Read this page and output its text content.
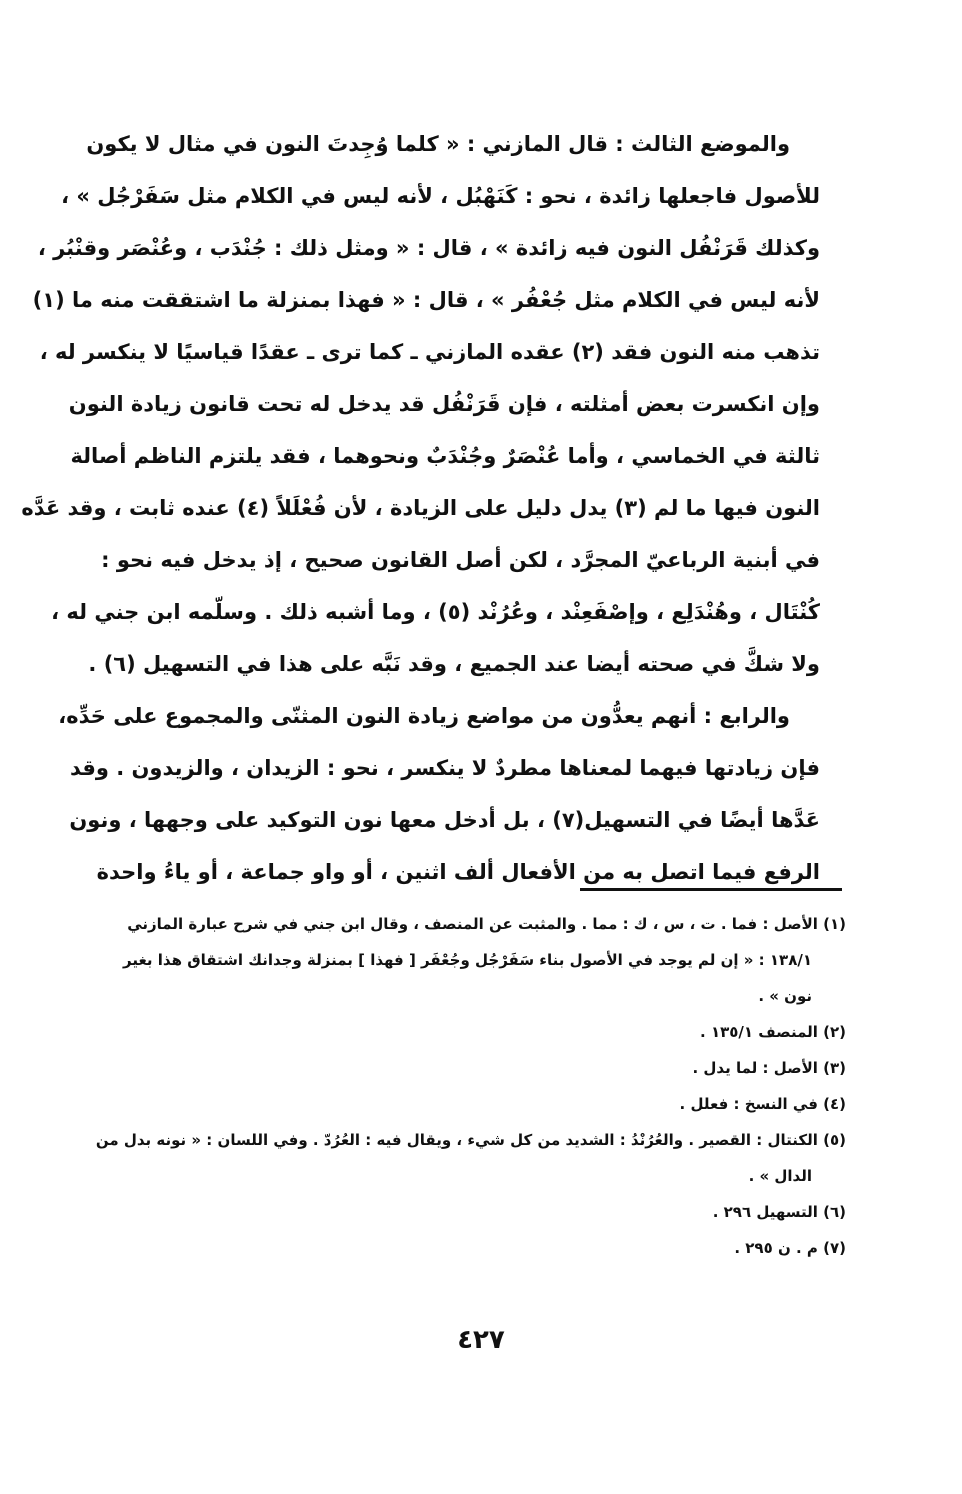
والموضع الثالث : قال المازني : « كلما وُجِدتَ النون في مثال لا يكون
للأصول فاجعلها زائدة ، نحو : كَنَهْبُل ، لأنه ليس في الكلام مثل سَفَرْجُل » ،
وكذلك قَرَنْفُل النون فيه زائدة » ، قال : « ومثل ذلك : جُنْدَب ، وعُنْصَر وقنْبُر ،
لأنه ليس في الكلام مثل جُعْفُر » ، قال : « فهذا بمنزلة ما اشتققت منه ما (١)
تذهب منه النون فقد (٢) عقده المازني ـ كما ترى ـ عقدًا قياسيًا لا ينكسر له ،
وإن انكسرت بعض أمثلته ، فإن قَرَنْفُل قد يدخل له تحت قانون زيادة النون
ثالثة في الخماسي ، وأما عُنْصَرٌ وجُنْدَبٌ ونحوهما ، فقد يلتزم الناظم أصالة
النون فيها ما لم (٣) يدل دليل على الزيادة ، لأن فُعْلَلاً (٤) عنده ثابت ، وقد عَدَّه
في أبنية الرباعيّ المجرَّد ، لكن أصل القانون صحيح ، إذ يدخل فيه نحو :
كُنْتَال ، وهُنْدَلِع ، وإصْفَعِنْد ، وعُرُنْد (٥) ، وما أشبه ذلك . وسلّمه ابن جني له ،
ولا شكَّ في صحته أيضا عند الجميع ، وقد نَبَّه على هذا في التسهيل (٦) .
والرابع : أنهم يعدُّون من مواضع زيادة النون المثنّى والمجموع على حَدِّه،
فإن زيادتها فيهما لمعناها مطردٌ لا ينكسر ، نحو : الزيدان ، والزيدون . وقد
عَدَّها أيضًا في التسهيل(٧) ، بل أدخل معها نون التوكيد على وجهها ، ونون
الرفع فيما اتصل به من الأفعال ألف اثنين ، أو واو جماعة ، أو ياءُ واحدة
(١) الأصل : فما . ت ، س ، ك : مما . والمثبت عن المنصف ، وقال ابن جني في شرح عبارة المازني
١٣٨/١ : « إن لم يوجد في الأصول بناء سَفَرْجُل وجُعْفَر [ فهذا ] بمنزلة وجدانك اشتقاق هذا بغير
نون » .
(٢) المنصف ١٣٥/١ .
(٣) الأصل : لما يدل .
(٤) في النسخ : فعلل .
(٥) الكنتال : القصير . والعُرُنْدُ : الشديد من كل شيء ، ويقال فيه : العُرُدّ . وفي اللسان : « نونه بدل من
الدال » .
(٦) التسهيل ٢٩٦ .
(٧) م . ن ٢٩٥ .
٤٢٧
